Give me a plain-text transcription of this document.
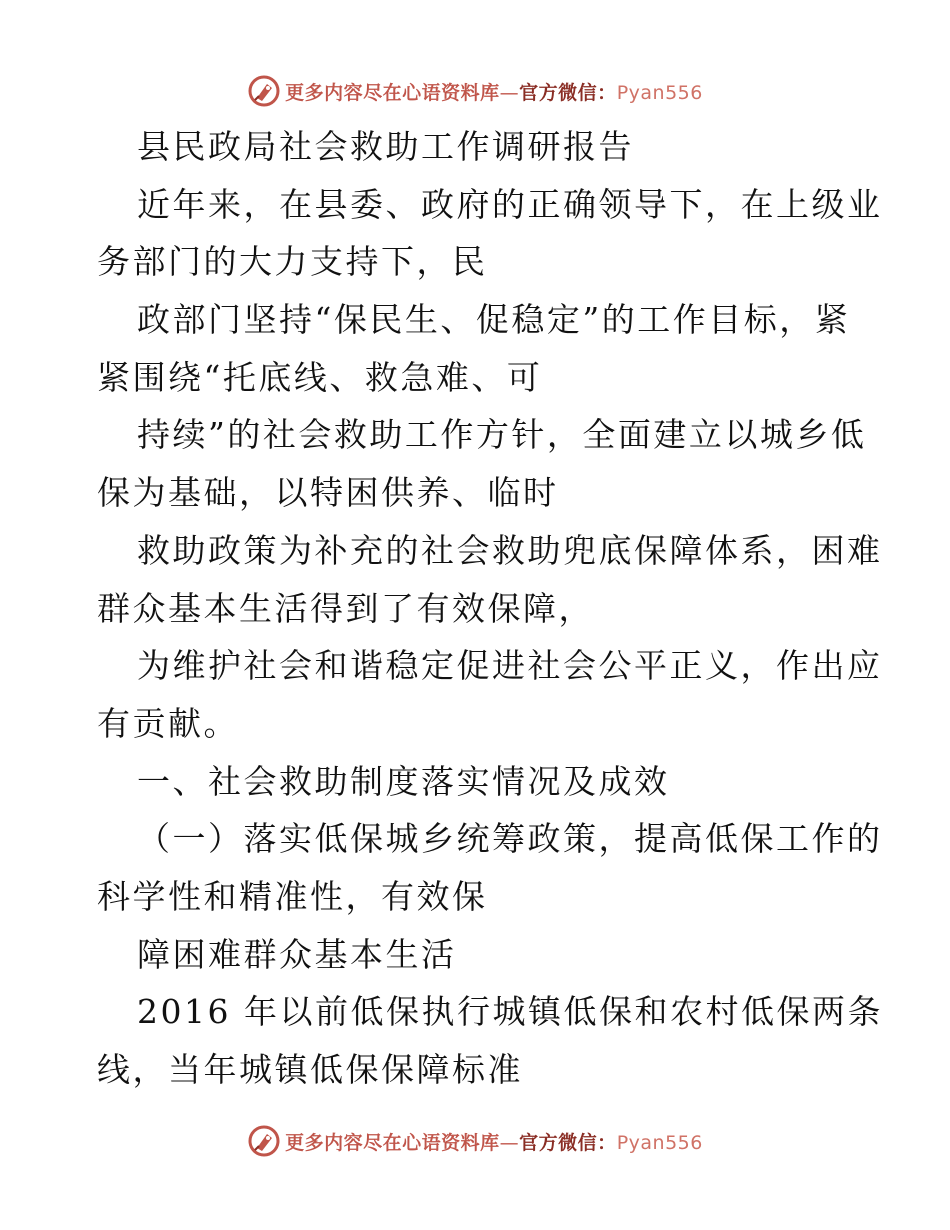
更多内容尽在心语资料库—官方微信：Pyan556
县民政局社会救助工作调研报告
近年来，在县委、政府的正确领导下，在上级业
务部门的大力支持下，民
政部门坚持“保民生、促稳定”的工作目标，紧
紧围绕“托底线、救急难、可
持续”的社会救助工作方针，全面建立以城乡低
保为基础，以特困供养、临时
救助政策为补充的社会救助兜底保障体系，困难
群众基本生活得到了有效保障，
为维护社会和谐稳定促进社会公平正义，作出应
有贡献。
一、社会救助制度落实情况及成效
（一）落实低保城乡统筹政策，提高低保工作的
科学性和精准性，有效保
障困难群众基本生活
2016 年以前低保执行城镇低保和农村低保两条
线，当年城镇低保保障标准
更多内容尽在心语资料库—官方微信：Pyan556
